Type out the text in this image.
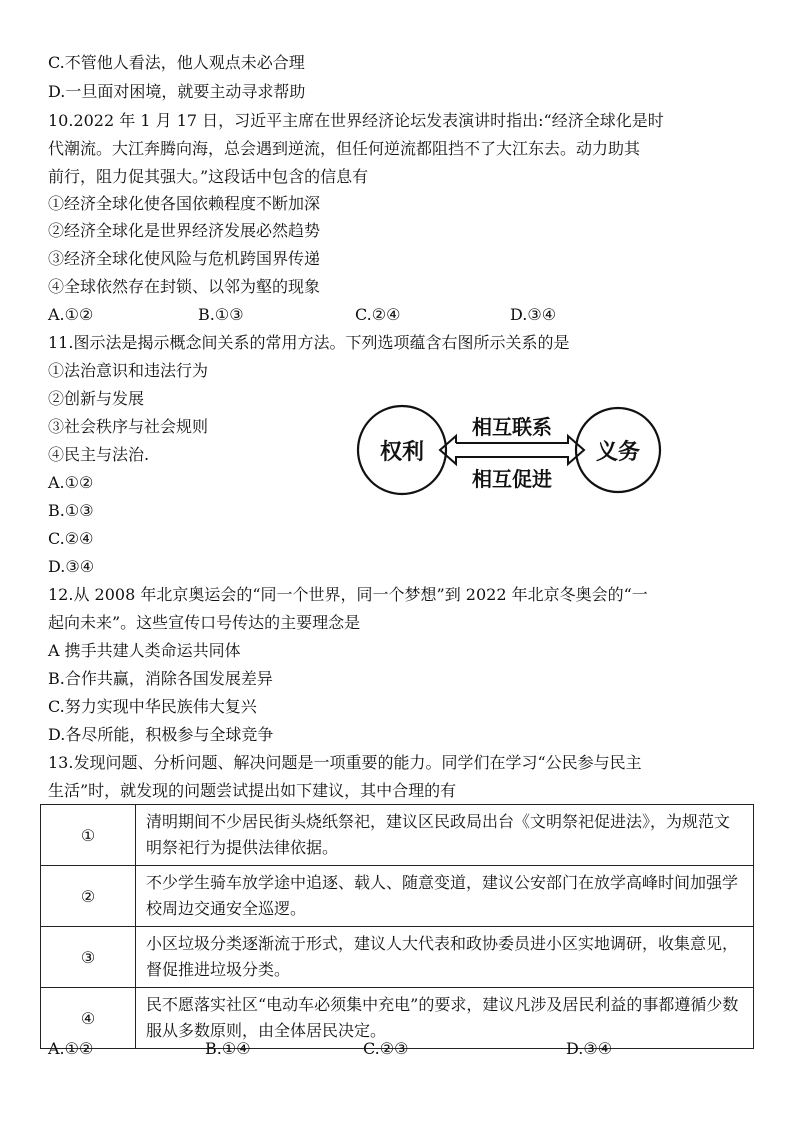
C.不管他人看法，他人观点未必合理
D.一旦面对困境，就要主动寻求帮助
10.2022 年 1 月 17 日，习近平主席在世界经济论坛发表演讲时指出:“经济全球化是时
代潮流。大江奔腾向海，总会遇到逆流，但任何逆流都阻挡不了大江东去。动力助其
前行，阻力促其强大。”这段话中包含的信息有
①经济全球化使各国依赖程度不断加深
②经济全球化是世界经济发展必然趋势
③经济全球化使风险与危机跨国界传递
④全球依然存在封锁、以邻为壑的现象
A.①②	B.①③	C.②④	D.③④
11.图示法是揭示概念间关系的常用方法。下列选项蕴含右图所示关系的是
①法治意识和违法行为
②创新与发展
③社会秩序与社会规则
④民主与法治.
A.①②
B.①③
C.②④
D.③④
权利	义务
相互联系
相互促进
12.从 2008 年北京奥运会的“同一个世界，同一个梦想”到 2022 年北京冬奥会的“一
起向未来”。这些宣传口号传达的主要理念是
A 携手共建人类命运共同体
B.合作共赢，消除各国发展差异
C.努力实现中华民族伟大复兴
D.各尽所能，积极参与全球竞争
13.发现问题、分析问题、解决问题是一项重要的能力。同学们在学习“公民参与民主
生活”时，就发现的问题尝试提出如下建议，其中合理的有
①	清明期间不少居民街头烧纸祭祀，建议区民政局出台《文明祭祀促进法》，为规范文明祭祀行为提供法律依据。
②	不少学生骑车放学途中追逐、载人、随意变道，建议公安部门在放学高峰时间加强学校周边交通安全巡逻。
③	小区垃圾分类逐渐流于形式，建议人大代表和政协委员进小区实地调研，收集意见，督促推进垃圾分类。
④	民不愿落实社区“电动车必须集中充电”的要求，建议凡涉及居民利益的事都遵循少数服从多数原则，由全体居民决定。
A.①②	B.①④	C.②③	D.③④
